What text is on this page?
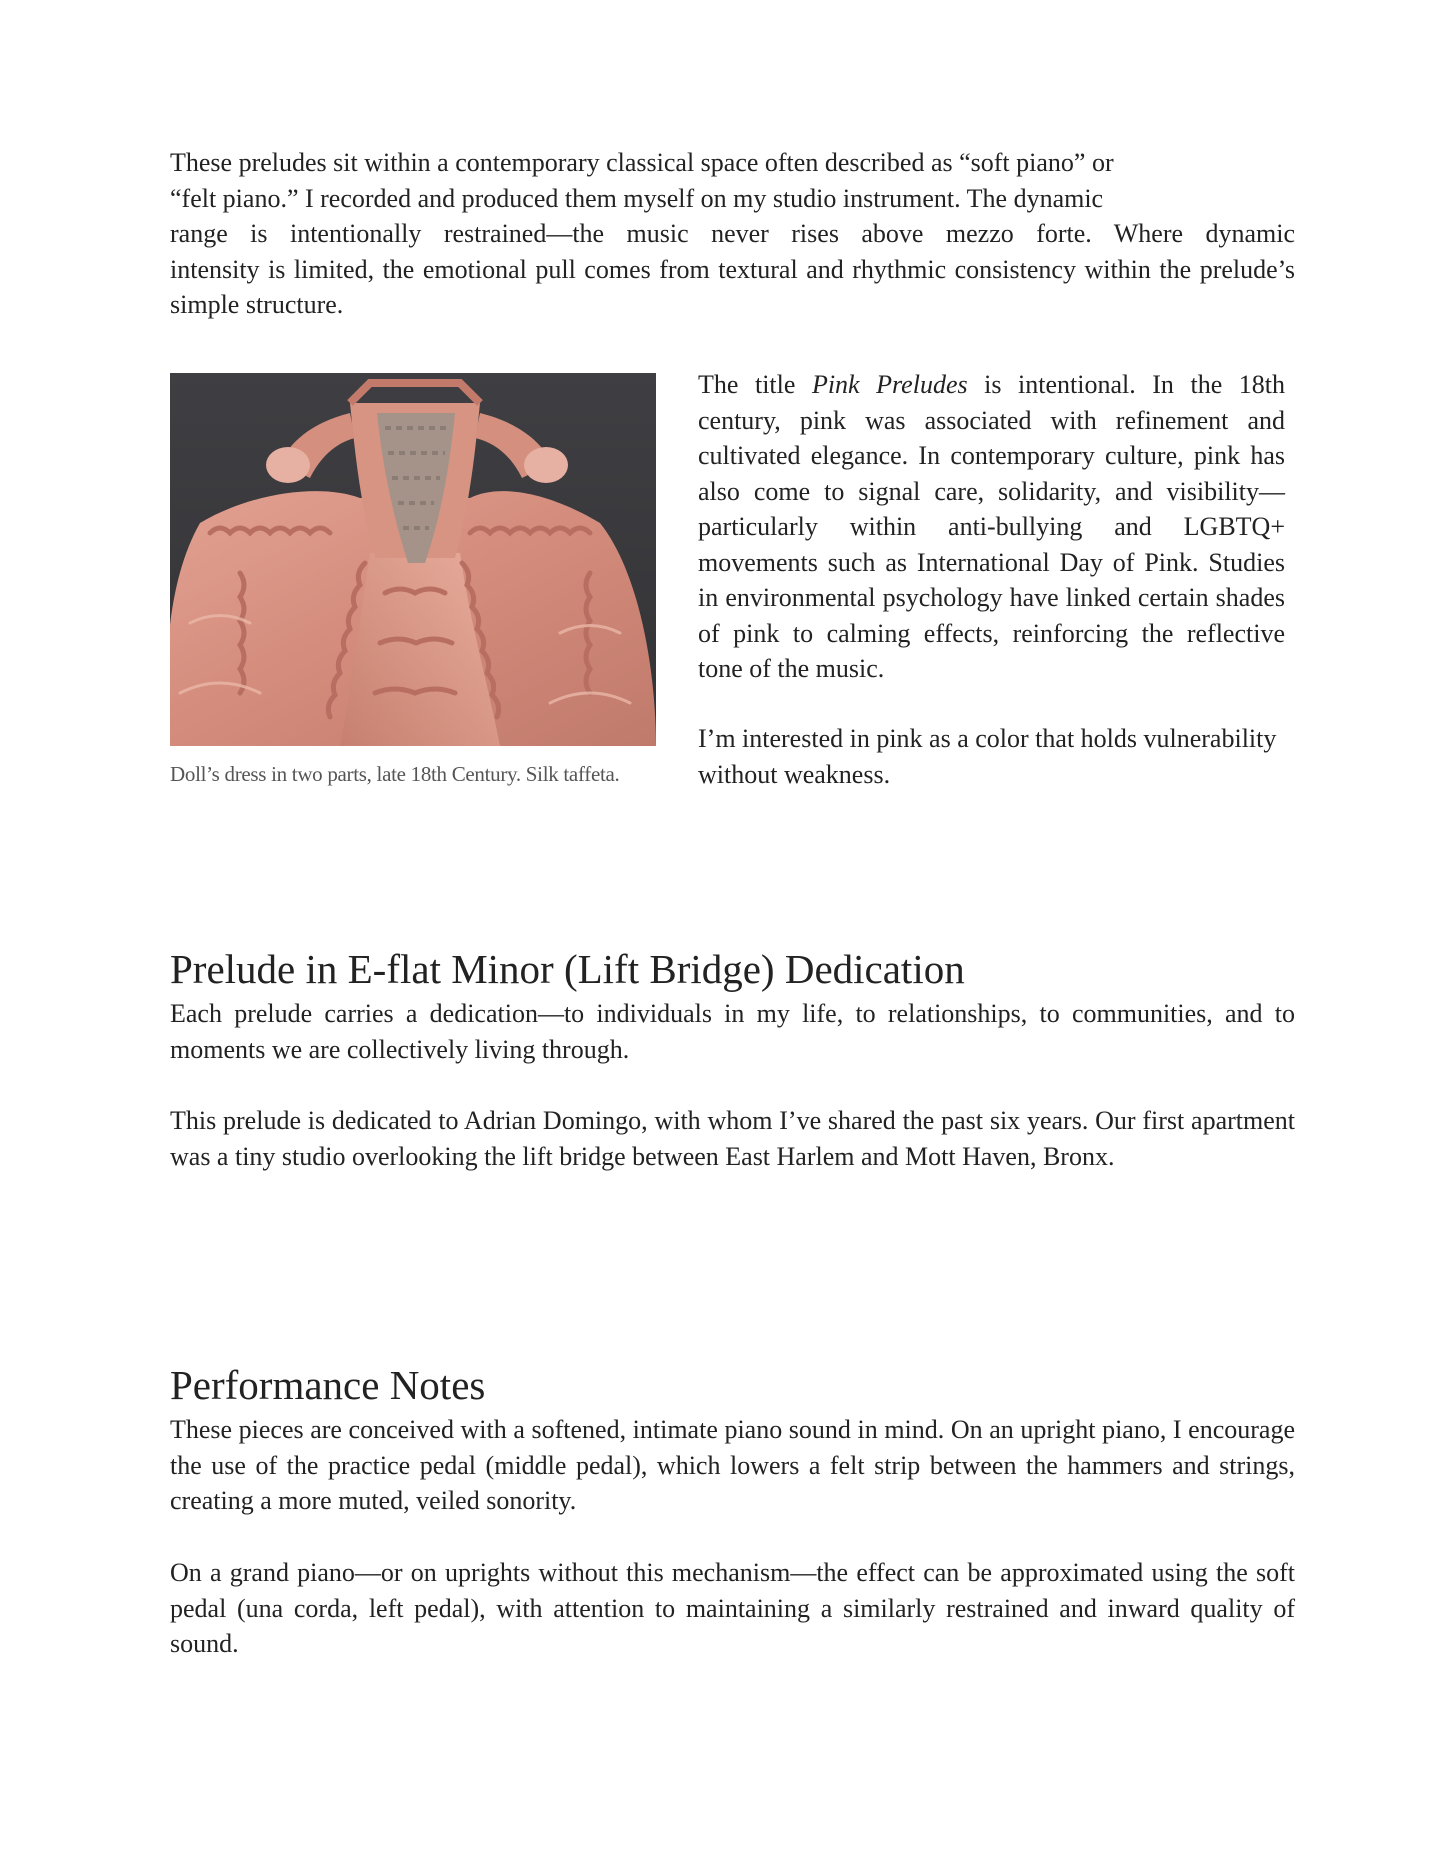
These preludes sit within a contemporary classical space often described as “soft piano” or
“felt piano.” I recorded and produced them myself on my studio instrument. The dynamic
range is intentionally restrained—the music never rises above mezzo forte. Where dynamic
intensity is limited, the emotional pull comes from textural and rhythmic consistency within the prelude’s simple structure.

Doll’s dress in two parts, late 18th Century. Silk taffeta.

The title Pink Preludes is intentional. In the 18th century, pink was associated with refinement and cultivated elegance. In contemporary culture, pink has also come to signal care, solidarity, and visibility—particularly within anti-bullying and LGBTQ+ movements such as International Day of Pink. Studies in environmental psychology have linked certain shades of pink to calming effects, reinforcing the reflective tone of the music.

I’m interested in pink as a color that holds vulnerability without weakness.

Prelude in E-flat Minor (Lift Bridge) Dedication

Each prelude carries a dedication—to individuals in my life, to relationships, to communities, and to moments we are collectively living through.

This prelude is dedicated to Adrian Domingo, with whom I’ve shared the past six years. Our first apartment was a tiny studio overlooking the lift bridge between East Harlem and Mott Haven, Bronx.

Performance Notes

These pieces are conceived with a softened, intimate piano sound in mind. On an upright piano, I encourage the use of the practice pedal (middle pedal), which lowers a felt strip between the hammers and strings, creating a more muted, veiled sonority.

On a grand piano—or on uprights without this mechanism—the effect can be approximated using the soft pedal (una corda, left pedal), with attention to maintaining a similarly restrained and inward quality of sound.
